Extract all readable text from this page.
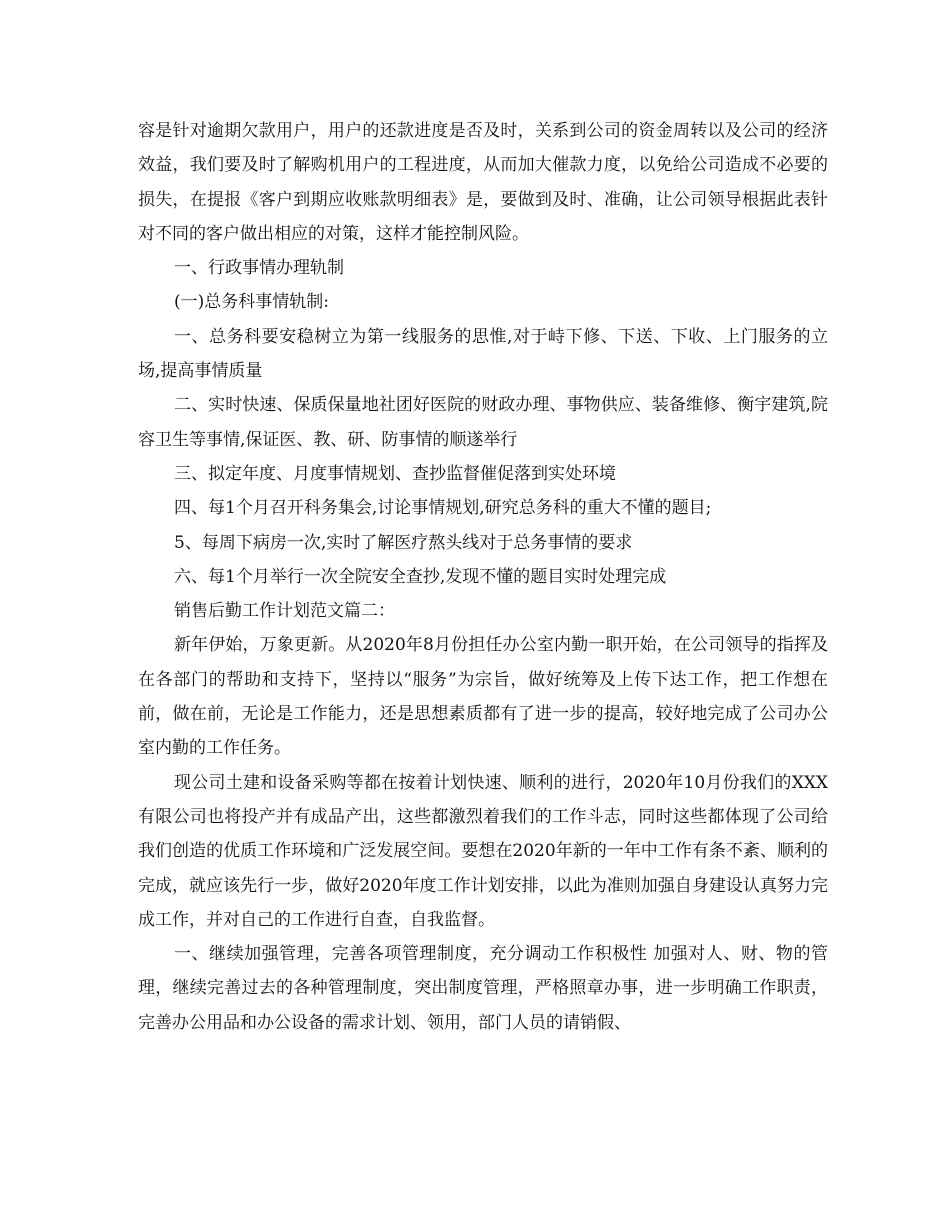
容是针对逾期欠款用户，用户的还款进度是否及时，关系到公司的资金周转以及公司的经济效益，我们要及时了解购机用户的工程进度，从而加大催款力度，以免给公司造成不必要的损失，在提报《客户到期应收账款明细表》是，要做到及时、准确，让公司领导根据此表针对不同的客户做出相应的对策，这样才能控制风险。

一、行政事情办理轨制

(一)总务科事情轨制:

一、总务科要安稳树立为第一线服务的思惟,对于峙下修、下送、下收、上门服务的立场,提高事情质量

二、实时快速、保质保量地社团好医院的财政办理、事物供应、装备维修、衡宇建筑,院容卫生等事情,保证医、教、研、防事情的顺遂举行

三、拟定年度、月度事情规划、查抄监督催促落到实处环境

四、每1个月召开科务集会,讨论事情规划,研究总务科的重大不懂的题目;

5、每周下病房一次,实时了解医疗熬头线对于总务事情的要求

六、每1个月举行一次全院安全查抄,发现不懂的题目实时处理完成

销售后勤工作计划范文篇二：

新年伊始，万象更新。从2020年8月份担任办公室内勤一职开始，在公司领导的指挥及在各部门的帮助和支持下，坚持以“服务”为宗旨，做好统筹及上传下达工作，把工作想在前，做在前，无论是工作能力，还是思想素质都有了进一步的提高，较好地完成了公司办公室内勤的工作任务。

现公司土建和设备采购等都在按着计划快速、顺利的进行，2020年10月份我们的XXX有限公司也将投产并有成品产出，这些都激烈着我们的工作斗志，同时这些都体现了公司给我们创造的优质工作环境和广泛发展空间。要想在2020年新的一年中工作有条不紊、顺利的完成，就应该先行一步，做好2020年度工作计划安排，以此为准则加强自身建设认真努力完成工作，并对自己的工作进行自查，自我监督。

一、继续加强管理，完善各项管理制度，充分调动工作积极性 加强对人、财、物的管理，继续完善过去的各种管理制度，突出制度管理，严格照章办事，进一步明确工作职责，完善办公用品和办公设备的需求计划、领用，部门人员的请销假、
